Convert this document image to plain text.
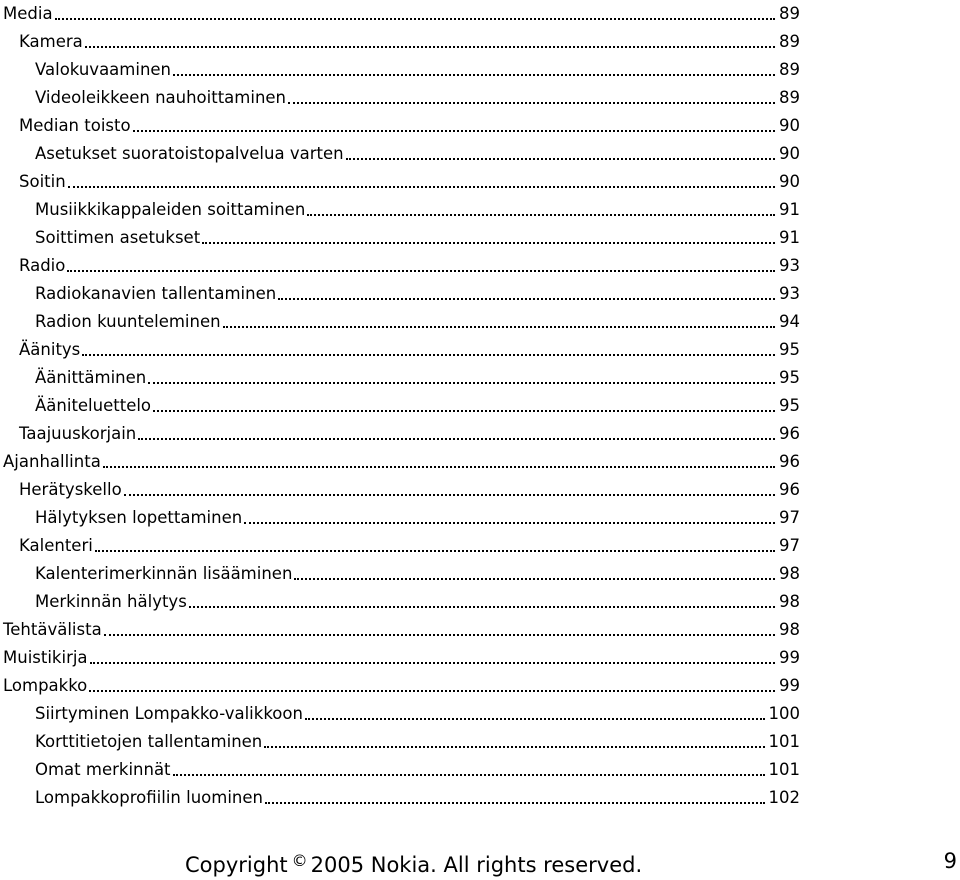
Media	89
Kamera	89
Valokuvaaminen	89
Videoleikkeen nauhoittaminen	89
Median toisto	90
Asetukset suoratoistopalvelua varten	90
Soitin	90
Musiikkikappaleiden soittaminen	91
Soittimen asetukset	91
Radio	93
Radiokanavien tallentaminen	93
Radion kuunteleminen	94
Äänitys	95
Äänittäminen	95
Ääniteluettelo	95
Taajuuskorjain	96
Ajanhallinta	96
Herätyskello	96
Hälytyksen lopettaminen	97
Kalenteri	97
Kalenterimerkinnän lisääminen	98
Merkinnän hälytys	98
Tehtävälista	98
Muistikirja	99
Lompakko	99
Siirtyminen Lompakko-valikkoon	100
Korttitietojen tallentaminen	101
Omat merkinnät	101
Lompakkoprofiilin luominen	102
Copyright © 2005 Nokia. All rights reserved.	9
